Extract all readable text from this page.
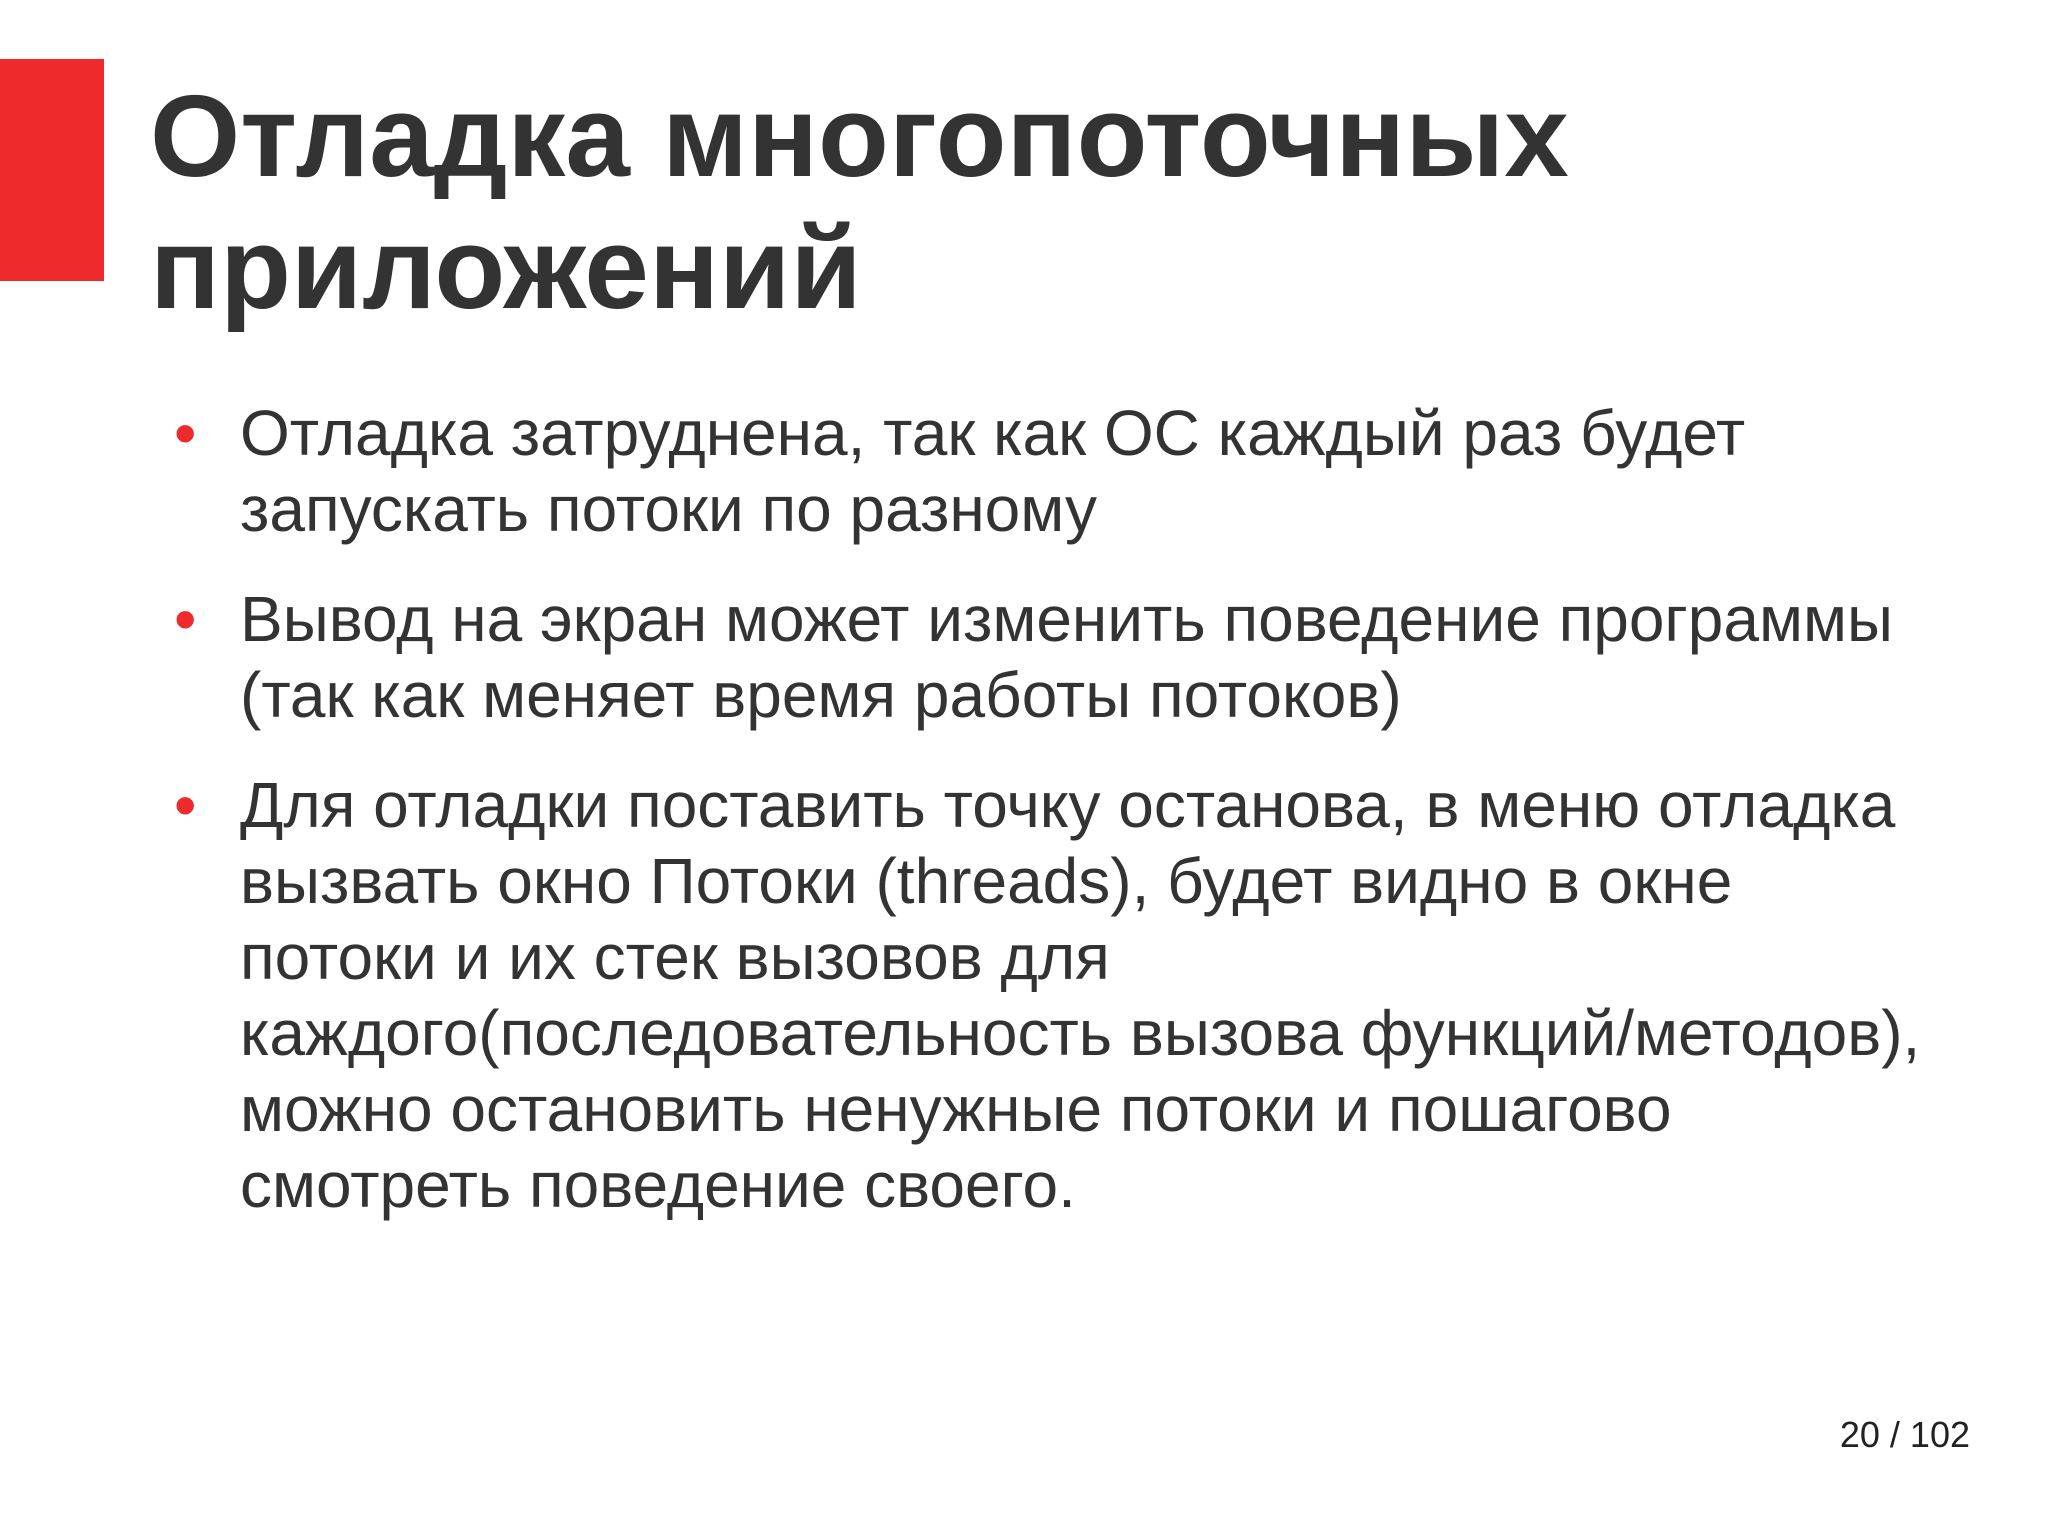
Отладка многопоточных приложений
• Отладка затруднена, так как ОС каждый раз будет запускать потоки по разному
• Вывод на экран может изменить поведение программы (так как меняет время работы потоков)
• Для отладки поставить точку останова, в меню отладка вызвать окно Потоки (threads), будет видно в окне потоки и их стек вызовов для каждого(последовательность вызова функций/методов), можно остановить ненужные потоки и пошагово смотреть поведение своего.
20 / 102
